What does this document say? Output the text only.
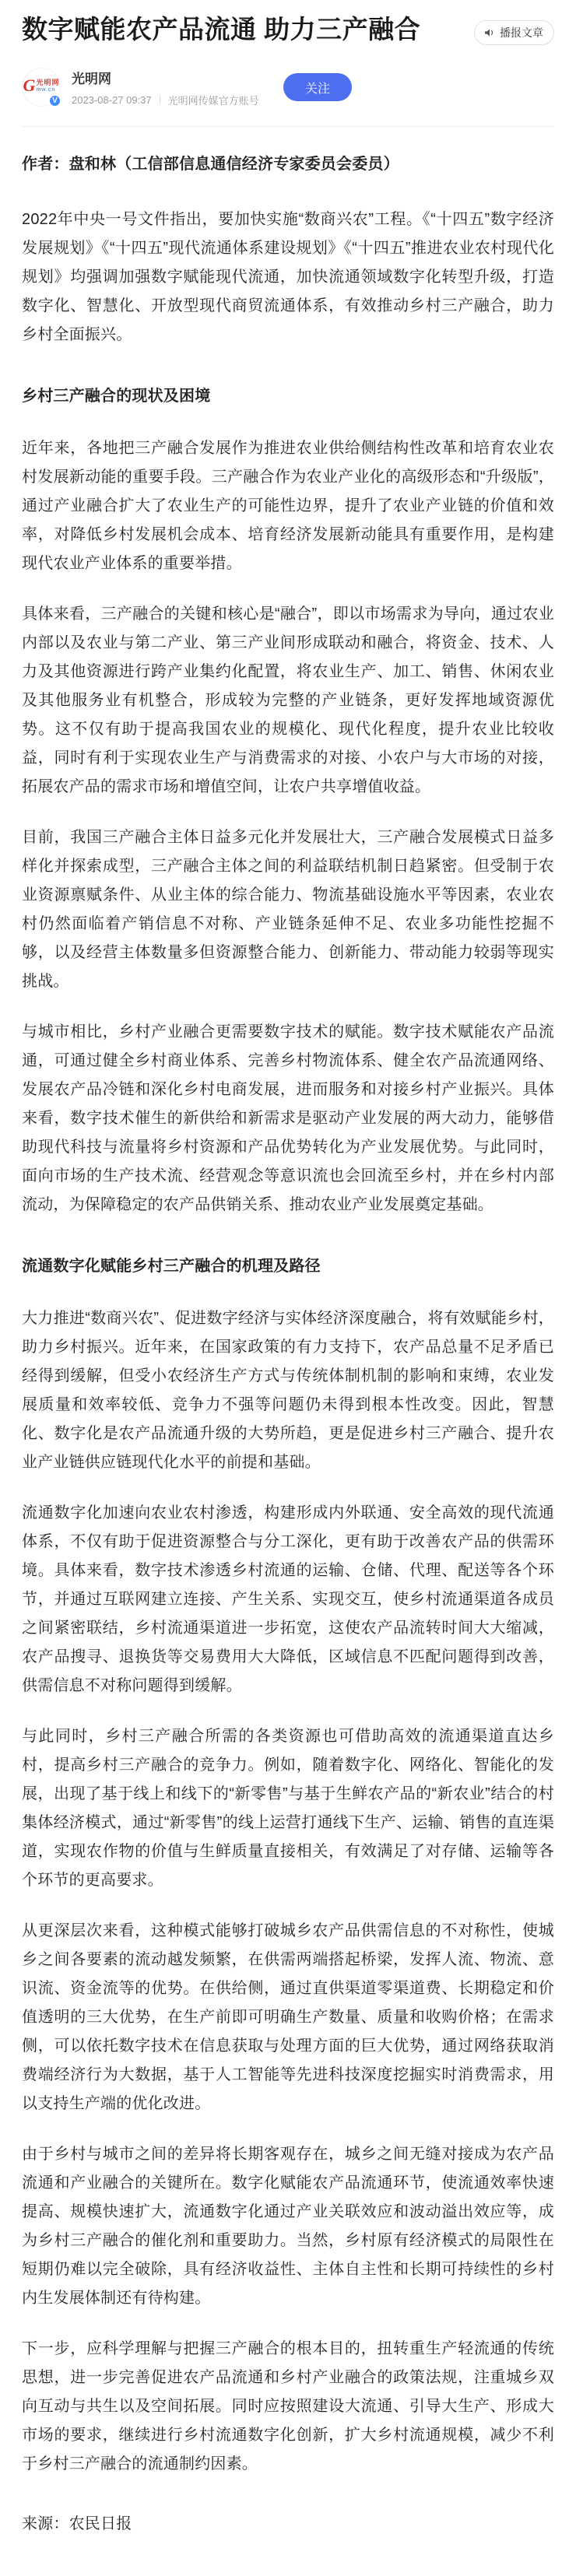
数字赋能农产品流通 助力三产融合	播报文章
G 光明网
mw.cn
V
光明网
2023-08-27 09:37 光明网传媒官方账号
关注

作者：盘和林（工信部信息通信经济专家委员会委员）

2022年中央一号文件指出，要加快实施“数商兴农”工程。《“十四五”数字经济发展规划》《“十四五”现代流通体系建设规划》《“十四五”推进农业农村现代化规划》均强调加强数字赋能现代流通，加快流通领域数字化转型升级，打造数字化、智慧化、开放型现代商贸流通体系，有效推动乡村三产融合，助力乡村全面振兴。

乡村三产融合的现状及困境

近年来，各地把三产融合发展作为推进农业供给侧结构性改革和培育农业农村发展新动能的重要手段。三产融合作为农业产业化的高级形态和“升级版”，通过产业融合扩大了农业生产的可能性边界，提升了农业产业链的价值和效率，对降低乡村发展机会成本、培育经济发展新动能具有重要作用，是构建现代农业产业体系的重要举措。

具体来看，三产融合的关键和核心是“融合”，即以市场需求为导向，通过农业内部以及农业与第二产业、第三产业间形成联动和融合，将资金、技术、人力及其他资源进行跨产业集约化配置，将农业生产、加工、销售、休闲农业及其他服务业有机整合，形成较为完整的产业链条，更好发挥地域资源优势。这不仅有助于提高我国农业的规模化、现代化程度，提升农业比较收益，同时有利于实现农业生产与消费需求的对接、小农户与大市场的对接，拓展农产品的需求市场和增值空间，让农户共享增值收益。

目前，我国三产融合主体日益多元化并发展壮大，三产融合发展模式日益多样化并探索成型，三产融合主体之间的利益联结机制日趋紧密。但受制于农业资源禀赋条件、从业主体的综合能力、物流基础设施水平等因素，农业农村仍然面临着产销信息不对称、产业链条延伸不足、农业多功能性挖掘不够，以及经营主体数量多但资源整合能力、创新能力、带动能力较弱等现实挑战。

与城市相比，乡村产业融合更需要数字技术的赋能。数字技术赋能农产品流通，可通过健全乡村商业体系、完善乡村物流体系、健全农产品流通网络、发展农产品冷链和深化乡村电商发展，进而服务和对接乡村产业振兴。具体来看，数字技术催生的新供给和新需求是驱动产业发展的两大动力，能够借助现代科技与流量将乡村资源和产品优势转化为产业发展优势。与此同时，面向市场的生产技术流、经营观念等意识流也会回流至乡村，并在乡村内部流动，为保障稳定的农产品供销关系、推动农业产业发展奠定基础。

流通数字化赋能乡村三产融合的机理及路径

大力推进“数商兴农”、促进数字经济与实体经济深度融合，将有效赋能乡村，助力乡村振兴。近年来，在国家政策的有力支持下，农产品总量不足矛盾已经得到缓解，但受小农经济生产方式与传统体制机制的影响和束缚，农业发展质量和效率较低、竞争力不强等问题仍未得到根本性改变。因此，智慧化、数字化是农产品流通升级的大势所趋，更是促进乡村三产融合、提升农业产业链供应链现代化水平的前提和基础。

流通数字化加速向农业农村渗透，构建形成内外联通、安全高效的现代流通体系，不仅有助于促进资源整合与分工深化，更有助于改善农产品的供需环境。具体来看，数字技术渗透乡村流通的运输、仓储、代理、配送等各个环节，并通过互联网建立连接、产生关系、实现交互，使乡村流通渠道各成员之间紧密联结，乡村流通渠道进一步拓宽，这使农产品流转时间大大缩减，农产品搜寻、退换货等交易费用大大降低，区域信息不匹配问题得到改善，供需信息不对称问题得到缓解。

与此同时，乡村三产融合所需的各类资源也可借助高效的流通渠道直达乡村，提高乡村三产融合的竞争力。例如，随着数字化、网络化、智能化的发展，出现了基于线上和线下的“新零售”与基于生鲜农产品的“新农业”结合的村集体经济模式，通过“新零售”的线上运营打通线下生产、运输、销售的直连渠道，实现农作物的价值与生鲜质量直接相关，有效满足了对存储、运输等各个环节的更高要求。

从更深层次来看，这种模式能够打破城乡农产品供需信息的不对称性，使城乡之间各要素的流动越发频繁，在供需两端搭起桥梁，发挥人流、物流、意识流、资金流等的优势。在供给侧，通过直供渠道零渠道费、长期稳定和价值透明的三大优势，在生产前即可明确生产数量、质量和收购价格；在需求侧，可以依托数字技术在信息获取与处理方面的巨大优势，通过网络获取消费端经济行为大数据，基于人工智能等先进科技深度挖掘实时消费需求，用以支持生产端的优化改进。

由于乡村与城市之间的差异将长期客观存在，城乡之间无缝对接成为农产品流通和产业融合的关键所在。数字化赋能农产品流通环节，使流通效率快速提高、规模快速扩大，流通数字化通过产业关联效应和波动溢出效应等，成为乡村三产融合的催化剂和重要助力。当然，乡村原有经济模式的局限性在短期仍难以完全破除，具有经济收益性、主体自主性和长期可持续性的乡村内生发展体制还有待构建。

下一步，应科学理解与把握三产融合的根本目的，扭转重生产轻流通的传统思想，进一步完善促进农产品流通和乡村产业融合的政策法规，注重城乡双向互动与共生以及空间拓展。同时应按照建设大流通、引导大生产、形成大市场的要求，继续进行乡村流通数字化创新，扩大乡村流通规模，减少不利于乡村三产融合的流通制约因素。

来源：农民日报
